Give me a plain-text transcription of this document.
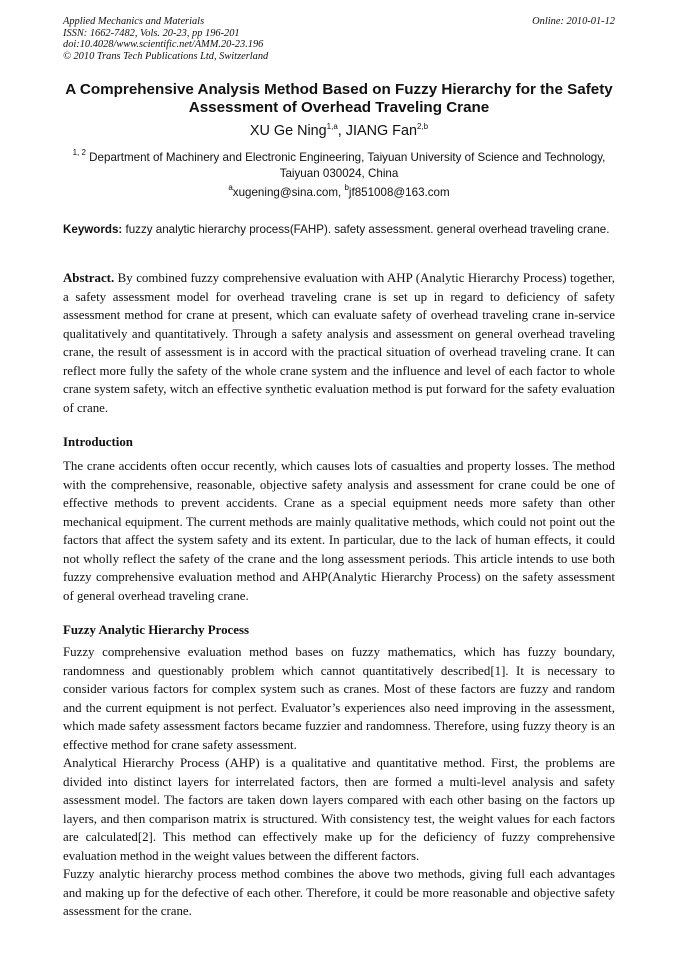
Applied Mechanics and Materials
ISSN: 1662-7482, Vols. 20-23, pp 196-201
doi:10.4028/www.scientific.net/AMM.20-23.196
© 2010 Trans Tech Publications Ltd, Switzerland
Online: 2010-01-12
A Comprehensive Analysis Method Based on Fuzzy Hierarchy for the Safety Assessment of Overhead Traveling Crane
XU Ge Ning$^{1,a}$, JIANG Fan$^{2,b}$
$^{1, 2}$ Department of Machinery and Electronic Engineering, Taiyuan University of Science and Technology, Taiyuan 030024, China
$^a$xugening@sina.com, $^b$jf851008@163.com
Keywords: fuzzy analytic hierarchy process(FAHP). safety assessment. general overhead traveling crane.
Abstract. By combined fuzzy comprehensive evaluation with AHP (Analytic Hierarchy Process) together, a safety assessment model for overhead traveling crane is set up in regard to deficiency of safety assessment method for crane at present, which can evaluate safety of overhead traveling crane in-service qualitatively and quantitatively. Through a safety analysis and assessment on general overhead traveling crane, the result of assessment is in accord with the practical situation of overhead traveling crane. It can reflect more fully the safety of the whole crane system and the influence and level of each factor to whole crane system safety, witch an effective synthetic evaluation method is put forward for the safety evaluation of crane.
Introduction
The crane accidents often occur recently, which causes lots of casualties and property losses. The method with the comprehensive, reasonable, objective safety analysis and assessment for crane could be one of effective methods to prevent accidents. Crane as a special equipment needs more safety than other mechanical equipment. The current methods are mainly qualitative methods, which could not point out the factors that affect the system safety and its extent. In particular, due to the lack of human effects, it could not wholly reflect the safety of the crane and the long assessment periods. This article intends to use both fuzzy comprehensive evaluation method and AHP(Analytic Hierarchy Process) on the safety assessment of general overhead traveling crane.
Fuzzy Analytic Hierarchy Process

Fuzzy comprehensive evaluation method bases on fuzzy mathematics, which has fuzzy boundary, randomness and questionably problem which cannot quantitatively described[1]. It is necessary to consider various factors for complex system such as cranes. Most of these factors are fuzzy and random and the current equipment is not perfect. Evaluator’s experiences also need improving in the assessment, which made safety assessment factors became fuzzier and randomness. Therefore, using fuzzy theory is an effective method for crane safety assessment.

Analytical Hierarchy Process (AHP) is a qualitative and quantitative method. First, the problems are divided into distinct layers for interrelated factors, then are formed a multi-level analysis and safety assessment model. The factors are taken down layers compared with each other basing on the factors up layers, and then comparison matrix is structured. With consistency test, the weight values for each factors are calculated[2]. This method can effectively make up for the deficiency of fuzzy comprehensive evaluation method in the weight values between the different factors.

Fuzzy analytic hierarchy process method combines the above two methods, giving full each advantages and making up for the defective of each other. Therefore, it could be more reasonable and objective safety assessment for the crane.
